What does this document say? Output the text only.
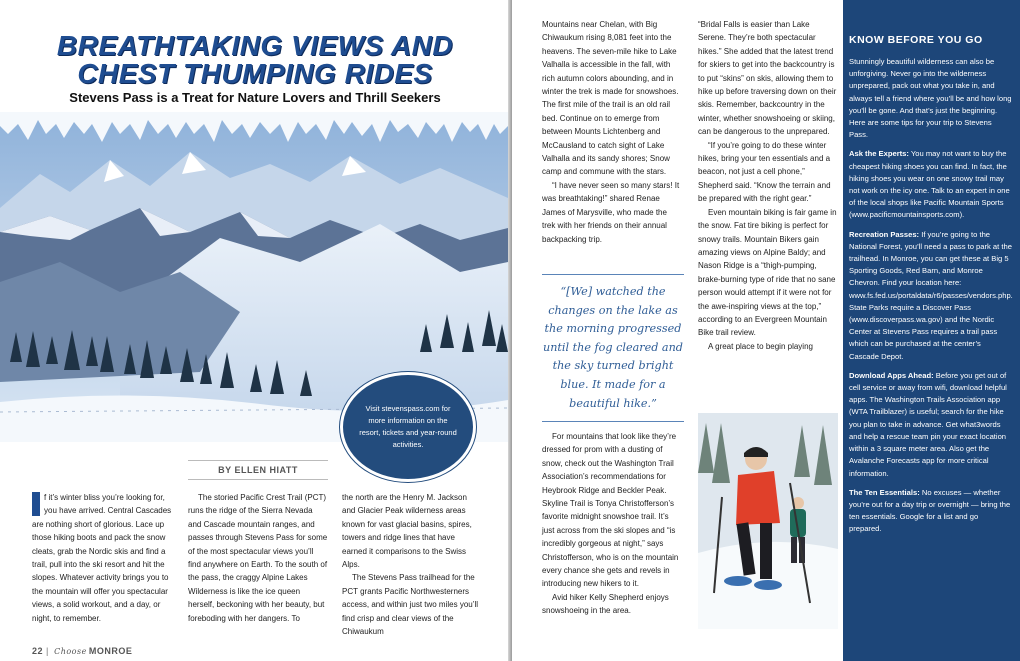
BREATHTAKING VIEWS AND
CHEST THUMPING RIDES
Stevens Pass is a Treat for Nature Lovers and Thrill Seekers
Visit stevenspass.com for more information on the resort, tickets and year-round activities.
BY ELLEN HIATT

I	f it’s winter bliss you’re looking for, you have arrived. Central Cascades are nothing short of glorious. Lace up those hiking boots and pack the snow cleats, grab the Nordic skis and find a trail, pull into the ski resort and hit the slopes. Whatever activity brings you to the mountain will offer you spectacular views, a solid workout, and a day, or night, to remember.

The storied Pacific Crest Trail (PCT) runs the ridge of the Sierra Nevada and Cascade mountain ranges, and passes through Stevens Pass for some of the most spectacular views you’ll find anywhere on Earth. To the south of the pass, the craggy Alpine Lakes Wilderness is like the ice queen herself, beckoning with her beauty, but foreboding with her dangers. To

the north are the Henry M. Jackson and Glacier Peak wilderness areas known for vast glacial basins, spires, towers and ridge lines that have earned it comparisons to the Swiss Alps.

The Stevens Pass trailhead for the PCT grants Pacific Northwesterners access, and within just two miles you’ll find crisp and clear views of the Chiwaukum

22 | Choose MONROE

Mountains near Chelan, with Big Chiwaukum rising 8,081 feet into the heavens. The seven-mile hike to Lake Valhalla is accessible in the fall, with rich autumn colors abounding, and in winter the trek is made for snowshoes. The first mile of the trail is an old rail bed. Continue on to emerge from between Mounts Lichtenberg and McCausland to catch sight of Lake Valhalla and its sandy shores; Snow camp and commune with the stars.

“I have never seen so many stars! It was breathtaking!” shared Renae James of Marysville, who made the trek with her friends on their annual backpacking trip.

“[We] watched the changes on the lake as the morning progressed until the fog cleared and the sky turned bright blue. It made for a beautiful hike.”

For mountains that look like they’re dressed for prom with a dusting of snow, check out the Washington Trail Association’s recommendations for Heybrook Ridge and Beckler Peak. Skyline Trail is Tonya Christofferson’s favorite midnight snowshoe trail. It’s just across from the ski slopes and “is incredibly gorgeous at night,” says Christofferson, who is on the mountain every chance she gets and revels in introducing new hikers to it.

Avid hiker Kelly Shepherd enjoys snowshoeing in the area.

“Bridal Falls is easier than Lake Serene. They’re both spectacular hikes.” She added that the latest trend for skiers to get into the backcountry is to put “skins” on skis, allowing them to hike up before traversing down on their skis. Remember, backcountry in the winter, whether snowshoeing or skiing, can be dangerous to the unprepared.

“If you’re going to do these winter hikes, bring your ten essentials and a beacon, not just a cell phone,” Shepherd said. “Know the terrain and be prepared with the right gear.”

Even mountain biking is fair game in the snow. Fat tire biking is perfect for snowy trails. Mountain Bikers gain amazing views on Alpine Baldy; and Nason Ridge is a “thigh-pumping, brake-burning type of ride that no sane person would attempt if it were not for the awe-inspiring views at the top,” according to an Evergreen Mountain Bike trail review.

A great place to begin playing

KNOW BEFORE YOU GO

Stunningly beautiful wilderness can also be unforgiving. Never go into the wilderness unprepared, pack out what you take in, and always tell a friend where you’ll be and how long you’ll be gone. And that’s just the beginning. Here are some tips for your trip to Stevens Pass.

Ask the Experts: You may not want to buy the cheapest hiking shoes you can find. In fact, the hiking shoes you wear on one snowy trail may not work on the icy one. Talk to an expert in one of the local shops like Pacific Mountain Sports (www.pacificmountainsports.com).

Recreation Passes: If you’re going to the National Forest, you’ll need a pass to park at the trailhead. In Monroe, you can get these at Big 5 Sporting Goods, Red Barn, and Monroe Chevron. Find your location here: www.fs.fed.us/portaldata/r6/passes/vendors.php. State Parks require a Discover Pass (www.discoverpass.wa.gov) and the Nordic Center at Stevens Pass requires a trail pass which can be purchased at the center’s Cascade Depot.

Download Apps Ahead: Before you get out of cell service or away from wifi, download helpful apps. The Washington Trails Association app (WTA Trailblazer) is useful; search for the hike you plan to take in advance. Get what3words and help a rescue team pin your exact location within a 3 square meter area. Also get the Avalanche Forecasts app for more critical information.

The Ten Essentials: No excuses — whether you’re out for a day trip or overnight — bring the ten essentials. Google for a list and go prepared.
